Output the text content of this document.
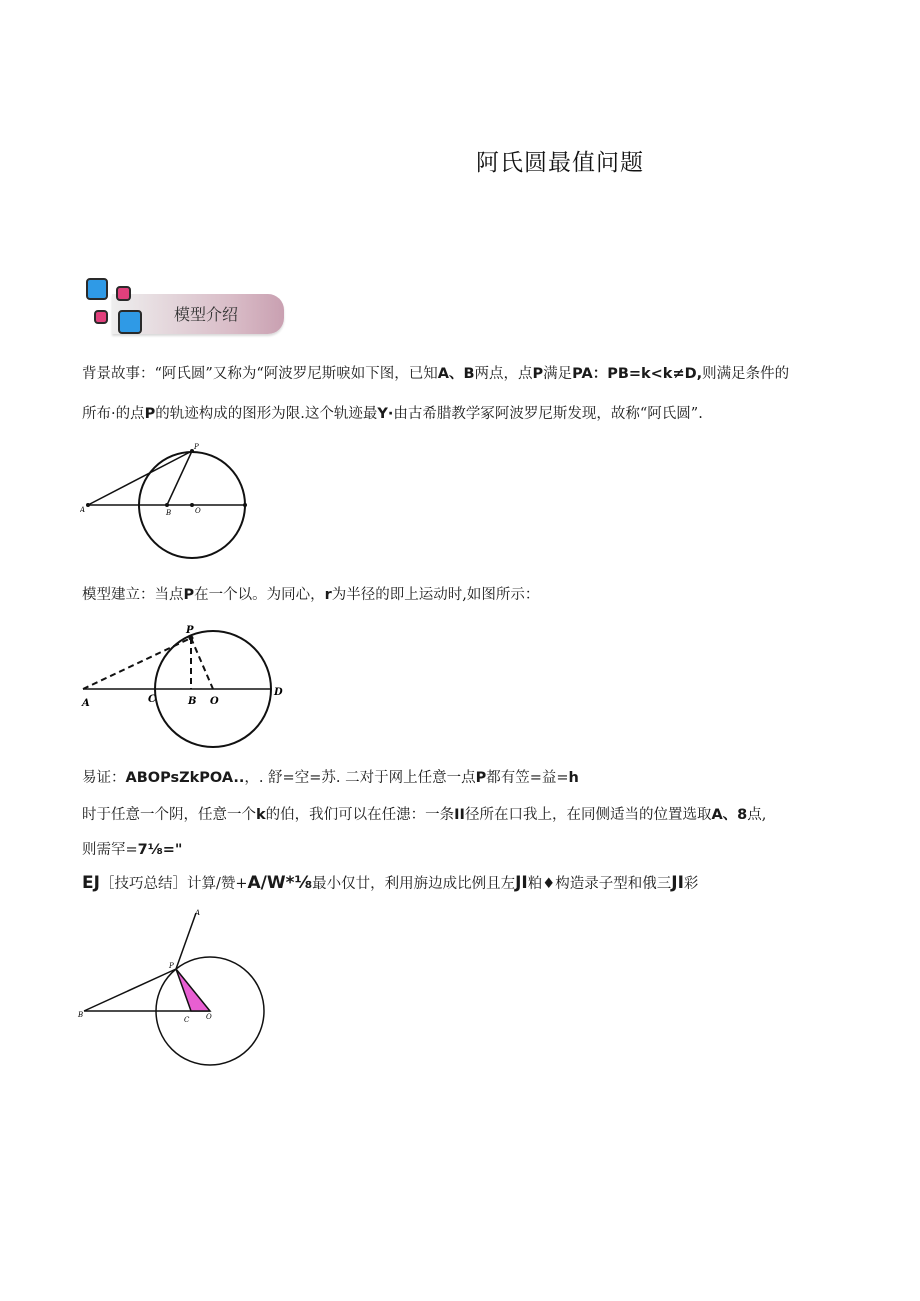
阿氏圆最值问题
模型介绍
背景故事：“阿氏圆”又称为“阿波罗尼斯唳如下图，已知A、B两点，点P满足PA：PB=k<k≠D,则满足条件的
所布·的点P的轨迹构成的图形为限.这个轨迹最Y·由古希腊教学冢阿波罗尼斯发现，故称“阿氏圆”.
A	B	O
P
模型建立：当点P在一个以。为同心，r为半径的即上运动时,如图所示：
A	C	B O
D
P
易证：ABOPsZkPOA..，. 舒=空=苏. 二对于网上任意一点P都有笠=益=h
时于任意一个阴，任意一个k的伯，我们可以在任漶：一条II径所在口我上，在同侧适当的位置选取A、8点,
则需罕=7⅛="
EJ［技巧总结］计算/赞+A/W*⅛最小仅廿，利用旃边成比例且左JI粕♦构造录子型和俄三JI彩
A
B
C O
P
